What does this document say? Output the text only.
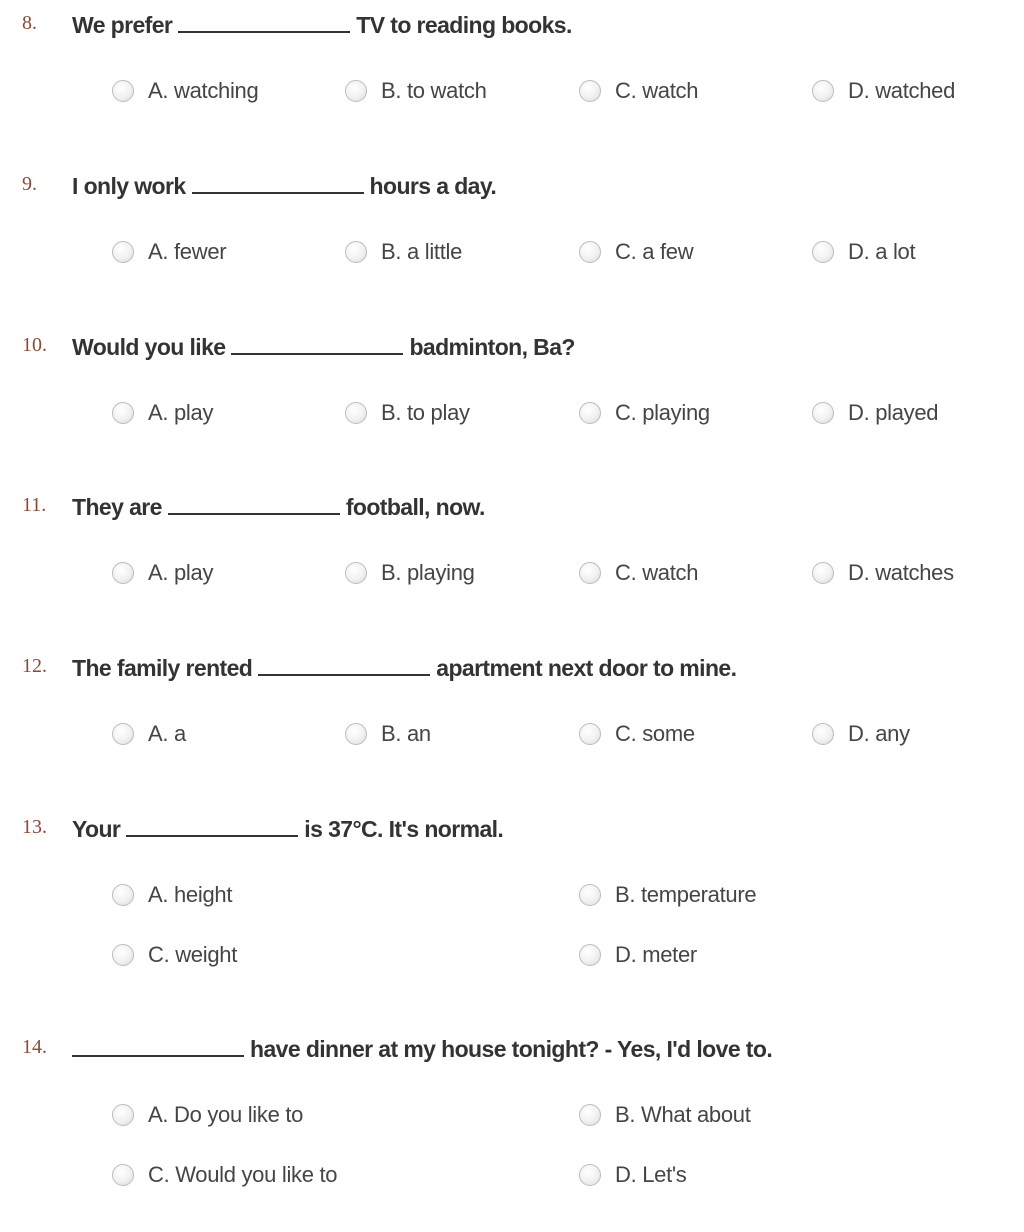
8. We prefer	TV to reading books.
A. watching	B. to watch	C. watch	D. watched
9. I only work	hours a day.
A. fewer	B. a little	C. a few	D. a lot
10. Would you like	badminton, Ba?
A. play	B. to play	C. playing	D. played
11. They are	football, now.
A. play	B. playing	C. watch	D. watches
12. The family rented	apartment next door to mine.
A. a	B. an	C. some	D. any
13. Your	is 37°C. It's normal.
A. height	B. temperature
C. weight	D. meter
14.	have dinner at my house tonight? - Yes, I'd love to.
A. Do you like to	B. What about
C. Would you like to	D. Let's
